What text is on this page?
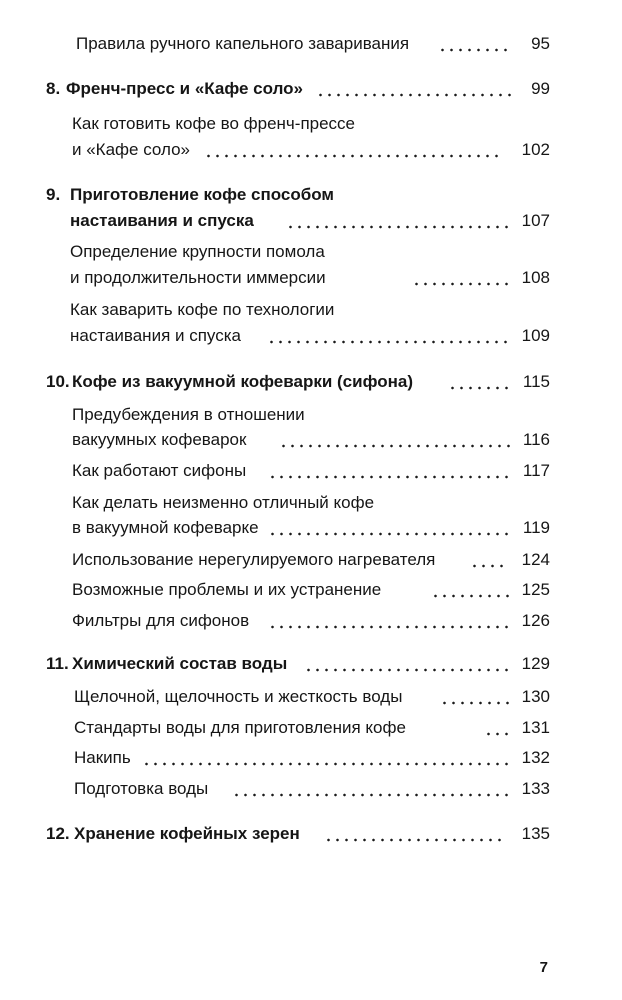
Правила ручного капельного заваривания	95
8. Френч-пресс и «Кафе соло»	99
Как готовить кофе во френч-прессе
и «Кафе соло»	102
9. Приготовление кофе способом
настаивания и спуска	107
Определение крупности помола
и продолжительности иммерсии	108
Как заварить кофе по технологии
настаивания и спуска	109
10. Кофе из вакуумной кофеварки (сифона)	115
Предубеждения в отношении
вакуумных кофеварок	116
Как работают сифоны	117
Как делать неизменно отличный кофе
в вакуумной кофеварке	119
Использование нерегулируемого нагревателя	124
Возможные проблемы и их устранение	125
Фильтры для сифонов	126
11. Химический состав воды	129
Щелочной, щелочность и жесткость воды	130
Стандарты воды для приготовления кофе	131
Накипь	132
Подготовка воды	133
12. Хранение кофейных зерен	135
7
